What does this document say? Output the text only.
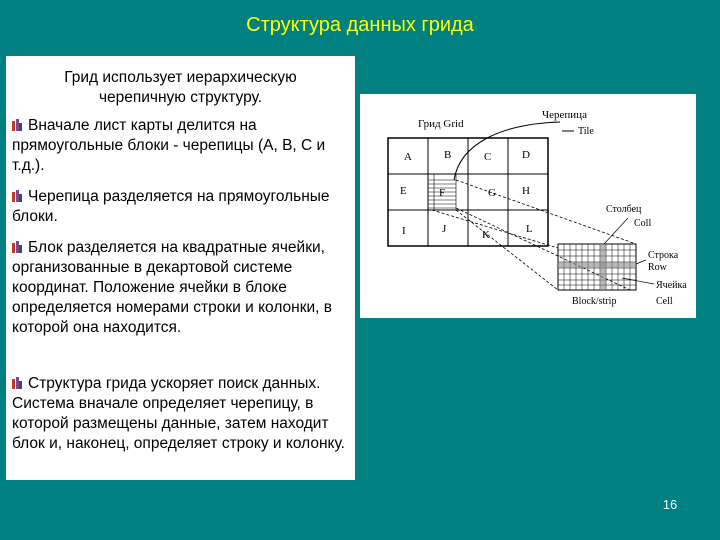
Структура данных грида
Грид использует иерархическую черепичную структуру.
Вначале лист карты делится на прямоугольные блоки - черепицы (A, B, C и т.д.).
Черепица разделяется на прямоугольные блоки.
Блок разделяется на квадратные ячейки, организованные в декартовой системе координат. Положение ячейки в блоке определяется номерами строки и колонки, в которой она находится.
Структура грида ускоряет поиск данных. Система вначале определяет черепицу, в которой размещены данные, затем находит блок и, наконец, определяет строку и колонку.
Грид Grid
Черепица
Tile
A	B	C	D
E	F	G H
I	J	K	L
Столбец
Coll
Строка
Row
Ячейка
Cell
Block/strip
16
